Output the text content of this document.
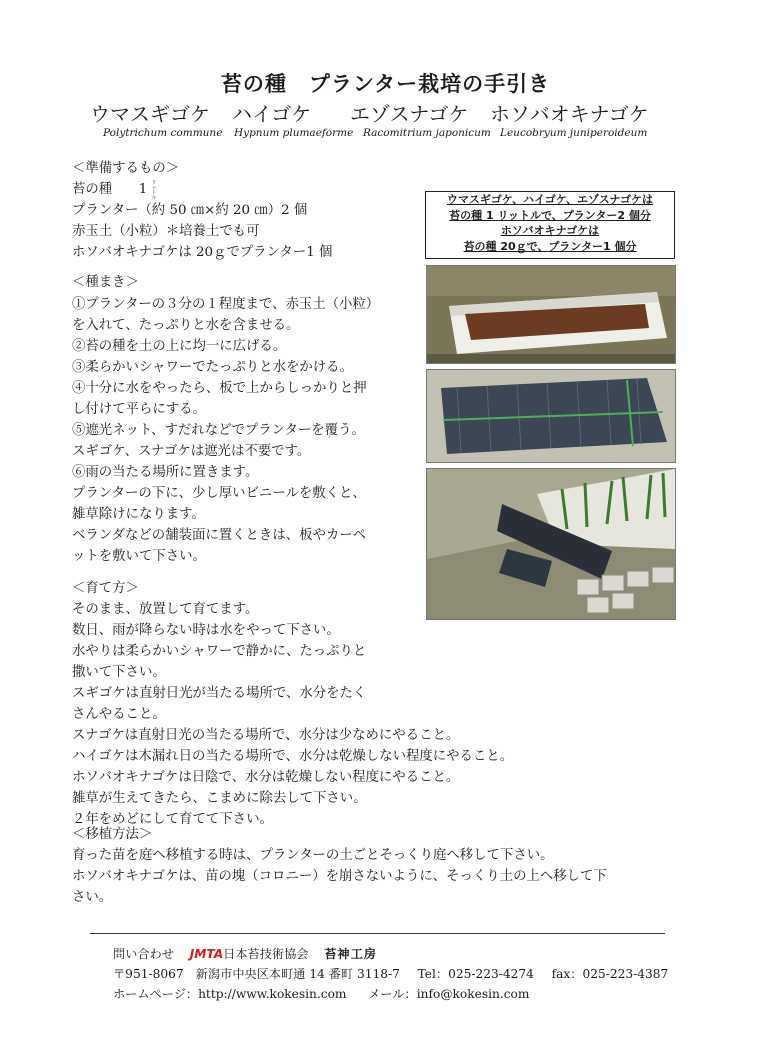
苔の種　プランター栽培の手引き
ウマスギゴケ ハイゴケ エゾスナゴケ ホソバオキナゴケ
Polytrichum commune Hypnum plumaeforme Racomitrium japonicum Leucobryum juniperoideum
＜準備するもの＞
苔の種 1 リットル
プランター（約 50 ㎝×約 20 ㎝）2 個
赤玉土（小粒）＊培養土でも可
ホソバオキナゴケは 20ｇでプランター1 個
ウマスギゴケ、ハイゴケ、エゾスナゴケは
苔の種 1 リットルで、プランター2 個分
ホソバオキナゴケは
苔の種 20ｇで、プランター1 個分
＜種まき＞
①プランターの３分の１程度まで、赤玉土（小粒）
を入れて、たっぷりと水を含ませる。
②苔の種を土の上に均一に広げる。
③柔らかいシャワーでたっぷりと水をかける。
④十分に水をやったら、板で上からしっかりと押
し付けて平らにする。
⑤遮光ネット、すだれなどでプランターを覆う。
スギゴケ、スナゴケは遮光は不要です。
⑥雨の当たる場所に置きます。
プランターの下に、少し厚いビニールを敷くと、
雑草除けになります。
ベランダなどの舗装面に置くときは、板やカーペ
ットを敷いて下さい。
＜育て方＞
そのまま、放置して育てます。
数日、雨が降らない時は水をやって下さい。
水やりは柔らかいシャワーで静かに、たっぷりと
撒いて下さい。
スギゴケは直射日光が当たる場所で、水分をたく
さんやること。
スナゴケは直射日光の当たる場所で、水分は少なめにやること。
ハイゴケは木漏れ日の当たる場所で、水分は乾燥しない程度にやること。
ホソバオキナゴケは日陰で、水分は乾燥しない程度にやること。
雑草が生えてきたら、こまめに除去して下さい。
２年をめどにして育てて下さい。
＜移植方法＞
育った苗を庭へ移植する時は、プランターの土ごとそっくり庭へ移して下さい。
ホソバオキナゴケは、苗の塊（コロニー）を崩さないように、そっくり土の上へ移して下
さい。
問い合わせ JMTA日本苔技術協会 苔神工房
〒951-8067　新潟市中央区本町通 14 番町 3118-7 Tel：025-223-4274 fax：025-223-4387
ホームページ：http://www.kokesin.com メール：info@kokesin.com
